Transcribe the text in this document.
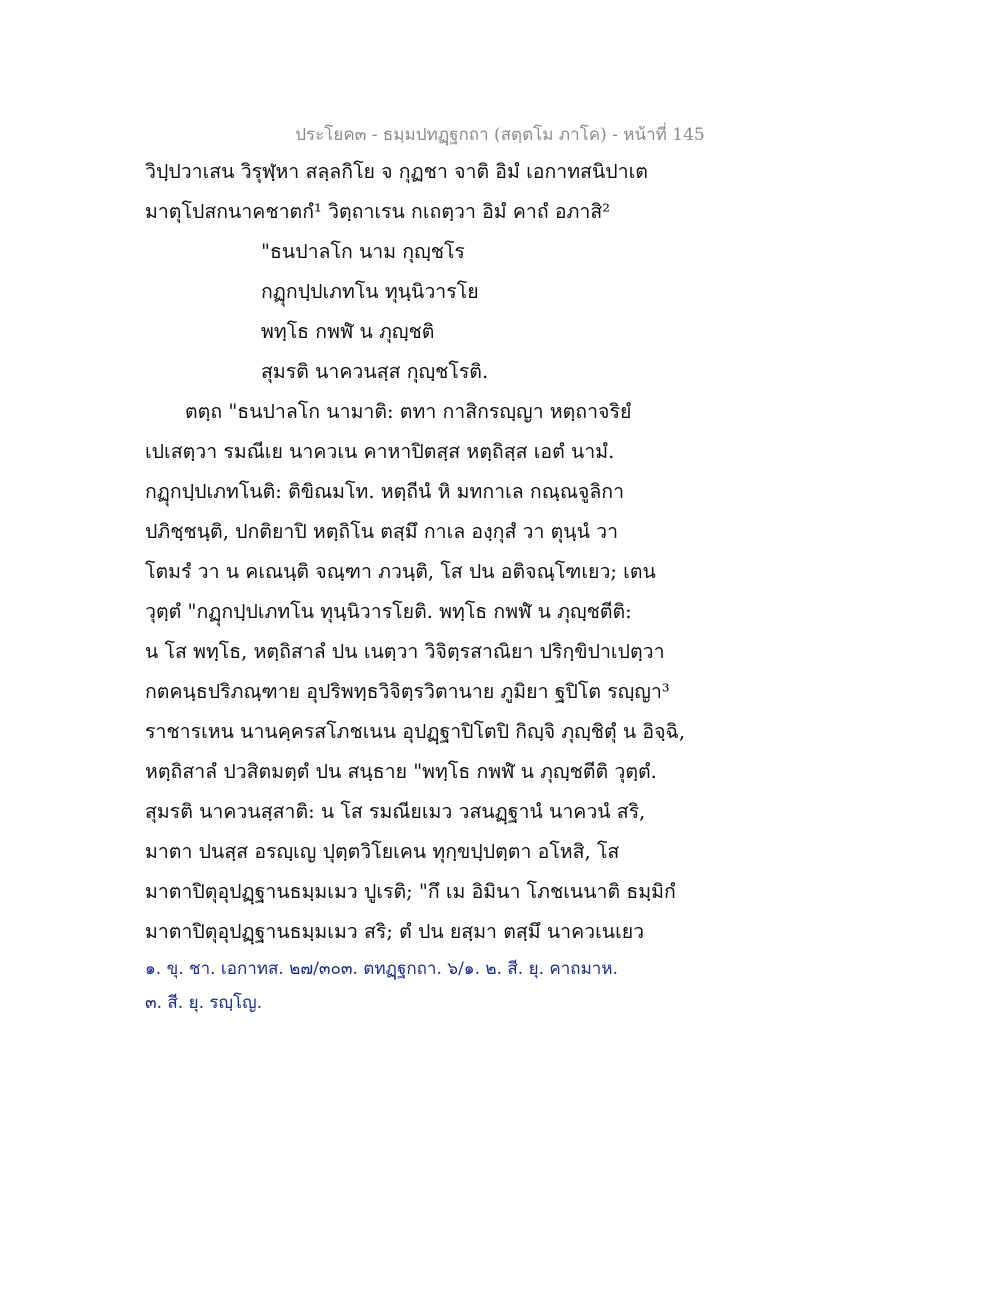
ประโยค๓ - ธมฺมปทฏฺฐกถา (สตฺตโม ภาโค) - หน้าที่ 145
วิปฺปวาเสน วิรุฬฺหา สลฺลกิโย จ กุฏชา จาติ อิมํ เอกาทสนิปาเต
มาตุโปสกนาคชาตกํ¹ วิตฺถาเรน กเถตฺวา อิมํ คาถํ อภาสิ²
"ธนปาลโก นาม กุญฺชโร
กฏุกปฺปเภทโน ทุนฺนิวารโย
พทฺโธ กพฬํ น ภุญฺชติ
สุมรติ นาควนสฺส กุญฺชโรติ.
ตตฺถ "ธนปาลโก นามาติ: ตทา กาสิกรญฺญา หตฺถาจริยํ
เปเสตฺวา รมณีเย นาควเน คาหาปิตสฺส หตฺถิสฺส เอตํ นามํ.
กฏุกปฺปเภทโนติ: ติขิณมโท. หตฺถีนํ หิ มทกาเล กณฺณจูลิกา
ปภิชฺชนฺติ, ปกติยาปิ หตฺถิโน ตสฺมึ กาเล องฺกุสํ วา ตุนฺนํ วา
โตมรํ วา น คเณนฺติ จณฺฑา ภวนฺติ, โส ปน อติจณฺโฑเยว; เตน
วุตฺตํ "กฏุกปฺปเภทโน ทุนฺนิวารโยติ. พทฺโธ กพฬํ น ภุญฺชตีติ:
น โส พทฺโธ, หตฺถิสาลํ ปน เนตฺวา วิจิตฺรสาณิยา ปริกฺขิปาเปตฺวา
กตคนฺธปริภณฺฑาย อุปริพทฺธวิจิตฺรวิตานาย ภูมิยา ฐปิโต รญฺญา³
ราชารเหน นานคฺครสโภชเนน อุปฏฺฐาปิโตปิ กิญฺจิ ภุญฺชิตุํ น อิจฺฉิ,
หตฺถิสาลํ ปวสิตมตฺตํ ปน สนฺธาย "พทฺโธ กพฬํ น ภุญฺชตีติ วุตฺตํ.
สุมรติ นาควนสฺสาติ: น โส รมณียเมว วสนฏฺฐานํ นาควนํ สริ,
มาตา ปนสฺส อรญฺเญ ปุตฺตวิโยเคน ทุกฺขปฺปตฺตา อโหสิ, โส
มาตาปิตุอุปฏฺฐานธมฺมเมว ปูเรติ; "กึ เม อิมินา โภชเนนาติ ธมฺมิกํ
มาตาปิตุอุปฏฺฐานธมฺมเมว สริ; ตํ ปน ยสฺมา ตสฺมึ นาควเนเยว
๑. ขุ. ชา. เอกาทส. ๒๗/๓๐๓. ตทฏฺฐกถา. ๖/๑. ๒. สี. ยุ. คาถมาห.
๓. สี. ยุ. รญฺโญ.
